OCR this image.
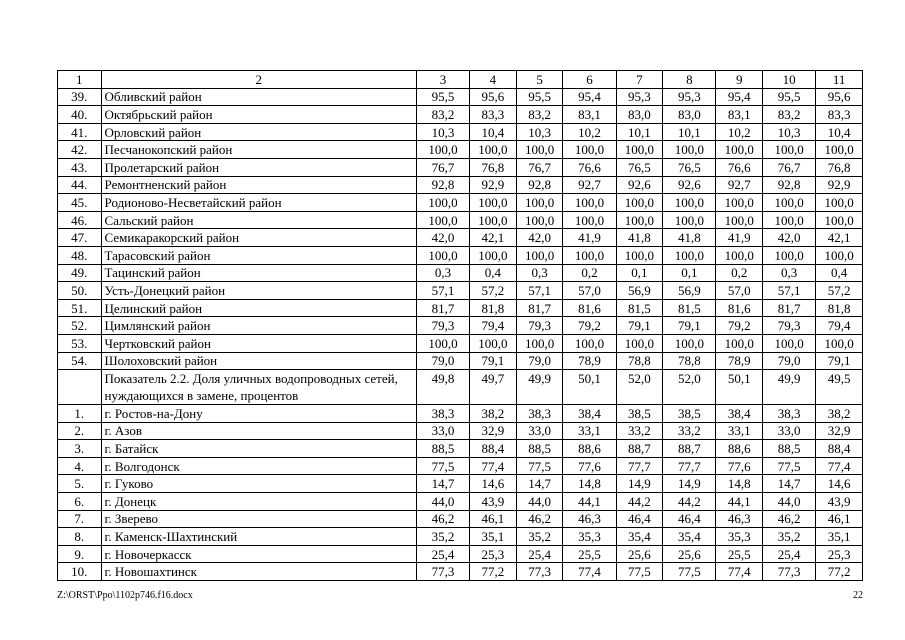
1	2	3	4	5	6	7	8	9	10	11
39.	Обливский район	95,5	95,6	95,5	95,4	95,3	95,3	95,4	95,5	95,6
40.	Октябрьский район	83,2	83,3	83,2	83,1	83,0	83,0	83,1	83,2	83,3
41.	Орловский район	10,3	10,4	10,3	10,2	10,1	10,1	10,2	10,3	10,4
42.	Песчанокопский район	100,0	100,0	100,0	100,0	100,0	100,0	100,0	100,0	100,0
43.	Пролетарский район	76,7	76,8	76,7	76,6	76,5	76,5	76,6	76,7	76,8
44.	Ремонтненский район	92,8	92,9	92,8	92,7	92,6	92,6	92,7	92,8	92,9
45.	Родионово-Несветайский район	100,0	100,0	100,0	100,0	100,0	100,0	100,0	100,0	100,0
46.	Сальский район	100,0	100,0	100,0	100,0	100,0	100,0	100,0	100,0	100,0
47.	Семикаракорский район	42,0	42,1	42,0	41,9	41,8	41,8	41,9	42,0	42,1
48.	Тарасовский район	100,0	100,0	100,0	100,0	100,0	100,0	100,0	100,0	100,0
49.	Тацинский район	0,3	0,4	0,3	0,2	0,1	0,1	0,2	0,3	0,4
50.	Усть-Донецкий район	57,1	57,2	57,1	57,0	56,9	56,9	57,0	57,1	57,2
51.	Целинский район	81,7	81,8	81,7	81,6	81,5	81,5	81,6	81,7	81,8
52.	Цимлянский район	79,3	79,4	79,3	79,2	79,1	79,1	79,2	79,3	79,4
53.	Чертковский район	100,0	100,0	100,0	100,0	100,0	100,0	100,0	100,0	100,0
54.	Шолоховский район	79,0	79,1	79,0	78,9	78,8	78,8	78,9	79,0	79,1
	Показатель 2.2. Доля уличных водопроводных сетей, нуждающихся в замене, процентов	49,8	49,7	49,9	50,1	52,0	52,0	50,1	49,9	49,5
1.	г. Ростов-на-Дону	38,3	38,2	38,3	38,4	38,5	38,5	38,4	38,3	38,2
2.	г. Азов	33,0	32,9	33,0	33,1	33,2	33,2	33,1	33,0	32,9
3.	г. Батайск	88,5	88,4	88,5	88,6	88,7	88,7	88,6	88,5	88,4
4.	г. Волгодонск	77,5	77,4	77,5	77,6	77,7	77,7	77,6	77,5	77,4
5.	г. Гуково	14,7	14,6	14,7	14,8	14,9	14,9	14,8	14,7	14,6
6.	г. Донецк	44,0	43,9	44,0	44,1	44,2	44,2	44,1	44,0	43,9
7.	г. Зверево	46,2	46,1	46,2	46,3	46,4	46,4	46,3	46,2	46,1
8.	г. Каменск-Шахтинский	35,2	35,1	35,2	35,3	35,4	35,4	35,3	35,2	35,1
9.	г. Новочеркасск	25,4	25,3	25,4	25,5	25,6	25,6	25,5	25,4	25,3
10.	г. Новошахтинск	77,3	77,2	77,3	77,4	77,5	77,5	77,4	77,3	77,2
Z:\ORST\Ppo\1102p746.f16.docx	22
